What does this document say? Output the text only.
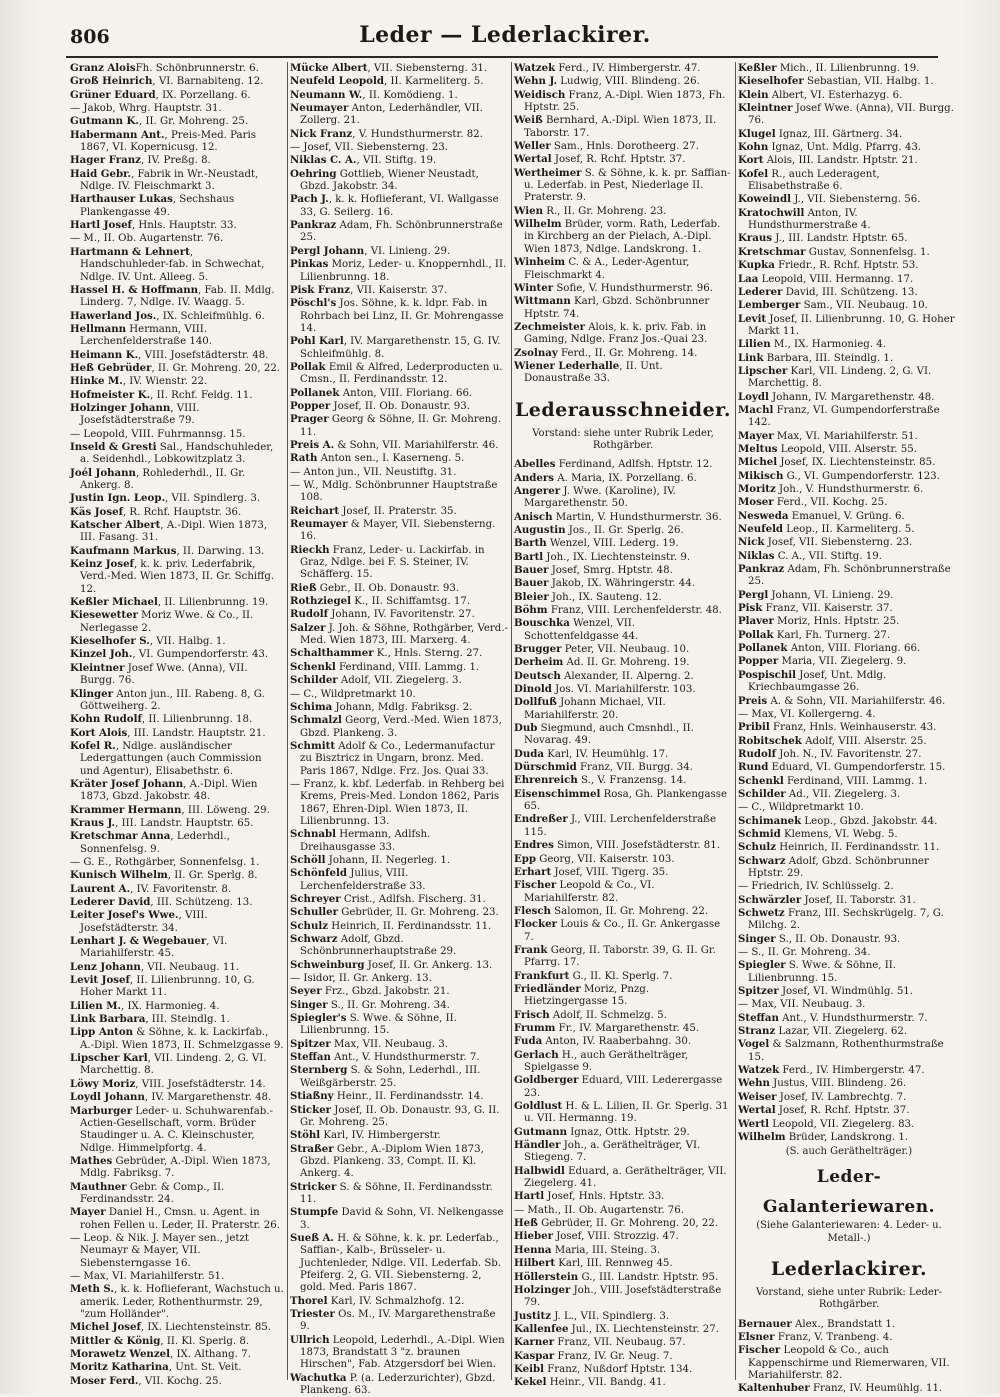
806	Leder — Lederlackirer.

Granz AloisFh. Schönbrunnerstr. 6.

Groß Heinrich, VI. Barnabiteng. 12.

Grüner Eduard, IX. Porzellang. 6.

— Jakob, Whrg. Hauptstr. 31.

Gutmann K., II. Gr. Mohreng. 25.

Habermann Ant., Preis-Med. Paris 1867, VI. Kopernicusg. 12.

Hager Franz, IV. Preßg. 8.

Haid Gebr., Fabrik in Wr.-Neustadt, Ndlge. IV. Fleischmarkt 3.

Harthauser Lukas, Sechshaus Plankengasse 49.

Hartl Josef, Hnls. Hauptstr. 33.

— M., II. Ob. Augartenstr. 76.

Hartmann & Lehnert, Handschuhleder-fab. in Schwechat, Ndlge. IV. Unt. Alleeg. 5.

Hassel H. & Hoffmann, Fab. II. Mdlg. Linderg. 7, Ndlge. IV. Waagg. 5.

Hawerland Jos., IX. Schleifmühlg. 6.

Hellmann Hermann, VIII. Lerchenfelderstraße 140.

Heimann K., VIII. Josefstädterstr. 48.

Heß Gebrüder, II. Gr. Mohreng. 20, 22.

Hinke M., IV. Wienstr. 22.

Hofmeister K., II. Rchf. Feldg. 11.

Holzinger Johann, VIII. Josefstädterstraße 79.

— Leopold, VIII. Fuhrmannsg. 15.

Inseld & Gresti Sal., Handschuhleder, a. Seidenhdl., Lobkowitzplatz 3.

Joél Johann, Rohlederhdl., II. Gr. Ankerg. 8.

Justin Ign. Leop., VII. Spindlerg. 3.

Käs Josef, R. Rchf. Hauptstr. 36.

Katscher Albert, A.-Dipl. Wien 1873, III. Fasang. 31.

Kaufmann Markus, II. Darwing. 13.

Keinz Josef, k. k. priv. Lederfabrik, Verd.-Med. Wien 1873, II. Gr. Schiffg. 12.

Keßler Michael, II. Lilienbrunng. 19.

Kiesewetter Moriz Wwe. & Co., II. Nerlegasse 2.

Kieselhofer S., VII. Halbg. 1.

Kinzel Joh., VI. Gumpendorferstr. 43.

Kleintner Josef Wwe. (Anna), VII. Burgg. 76.

Klinger Anton jun., III. Rabeng. 8, G. Göttweiherg. 2.

Kohn Rudolf, II. Lilienbrunng. 18.

Kort Alois, III. Landstr. Hauptstr. 21.

Kofel R., Ndlge. ausländischer Ledergattungen (auch Commission und Agentur), Elisabethstr. 6.

Kräter Josef Johann, A.-Dipl. Wien 1873, Gbzd. Jakobstr. 48.

Krammer Hermann, III. Löweng. 29.

Kraus J., III. Landstr. Hauptstr. 65.

Kretschmar Anna, Lederhdl., Sonnenfelsg. 9.

— G. E., Rothgärber, Sonnenfelsg. 1.

Kunisch Wilhelm, II. Gr. Sperlg. 8.

Laurent A., IV. Favoritenstr. 8.

Lederer David, III. Schützeng. 13.

Leiter Josef's Wwe., VIII. Josefstädterstr. 34.

Lenhart J. & Wegebauer, VI. Mariahilferstr. 45.

Lenz Johann, VII. Neubaug. 11.

Levit Josef, II. Lilienbrunng. 10, G. Hoher Markt 11.

Lilien M., IX. Harmonieg. 4.

Link Barbara, III. Steindlg. 1.

Lipp Anton & Söhne, k. k. Lackirfab., A.-Dipl. Wien 1873, II. Schmelzgasse 9.

Lipscher Karl, VII. Lindeng. 2, G. VI. Marchettig. 8.

Löwy Moriz, VIII. Josefstädterstr. 14.

Loydl Johann, IV. Margarethenstr. 48.

Marburger Leder- u. Schuhwarenfab.-Actien-Gesellschaft, vorm. Brüder Staudinger u. A. C. Kleinschuster, Ndlge. Himmelpfortg. 4.

Mathes Gebrüder, A.-Dipl. Wien 1873, Mdlg. Fabriksg. 7.

Mauthner Gebr. & Comp., II. Ferdinandsstr. 24.

Mayer Daniel H., Cmsn. u. Agent. in rohen Fellen u. Leder, II. Praterstr. 26.

— Leop. & Nik. J. Mayer sen., jetzt Neumayr & Mayer, VII. Siebensterngasse 16.

— Max, VI. Mariahilferstr. 51.

Meth S., k. k. Hoflieferant, Wachstuch u. amerik. Leder, Rothenthurmstr. 29, "zum Holländer".

Michel Josef, IX. Liechtensteinstr. 85.

Mittler & König, II. Kl. Sperlg. 8.

Morawetz Wenzel, IX. Althang. 7.

Moritz Katharina, Unt. St. Veit.

Moser Ferd., VII. Kochg. 25.

Mücke Albert, VII. Siebensterng. 31.

Neufeld Leopold, II. Karmeliterg. 5.

Neumann W., II. Komödieng. 1.

Neumayer Anton, Lederhändler, VII. Zollerg. 21.

Nick Franz, V. Hundsthurmerstr. 82.

— Josef, VII. Siebensterng. 23.

Niklas C. A., VII. Stiftg. 19.

Oehring Gottlieb, Wiener Neustadt, Gbzd. Jakobstr. 34.

Pach J., k. k. Hoflieferant, VI. Wallgasse 33, G. Seilerg. 16.

Pankraz Adam, Fh. Schönbrunnerstraße 25.

Pergl Johann, VI. Linieng. 29.

Pinkas Moriz, Leder- u. Knoppernhdl., II. Lilienbrunng. 18.

Pisk Franz, VII. Kaiserstr. 37.

Pöschl's Jos. Söhne, k. k. ldpr. Fab. in Rohrbach bei Linz, II. Gr. Mohrengasse 14.

Pohl Karl, IV. Margarethenstr. 15, G. IV. Schleifmühlg. 8.

Pollak Emil & Alfred, Lederproducten u. Cmsn., II. Ferdinandsstr. 12.

Pollanek Anton, VIII. Floriang. 66.

Popper Josef, II. Ob. Donaustr. 93.

Prager Georg & Söhne, II. Gr. Mohreng. 11.

Preis A. & Sohn, VII. Mariahilferstr. 46.

Rath Anton sen., I. Kaserneng. 5.

— Anton jun., VII. Neustiftg. 31.

— W., Mdlg. Schönbrunner Hauptstraße 108.

Reichart Josef, II. Praterstr. 35.

Reumayer & Mayer, VII. Siebensterng. 16.

Rieckh Franz, Leder- u. Lackirfab. in Graz, Ndlge. bei F. S. Steiner, IV. Schäfferg. 15.

Rieß Gebr., II. Ob. Donaustr. 93.

Rothziegel K., II. Schiffamtsg. 17.

Rudolf Johann, IV. Favoritenstr. 27.

Salzer J. Joh. & Söhne, Rothgärber, Verd.-Med. Wien 1873, III. Marxerg. 4.

Schalthammer K., Hnls. Sterng. 27.

Schenkl Ferdinand, VIII. Lammg. 1.

Schilder Adolf, VII. Ziegelerg. 3.

— C., Wildpretmarkt 10.

Schima Johann, Mdlg. Fabriksg. 2.

Schmalzl Georg, Verd.-Med. Wien 1873, Gbzd. Plankeng. 3.

Schmitt Adolf & Co., Ledermanufactur zu Bisztricz in Ungarn, bronz. Med. Paris 1867, Ndlge. Frz. Jos. Quai 33.

— Franz, k. kbf. Lederfab. in Rehberg bei Krems, Preis-Med. London 1862, Paris 1867, Ehren-Dipl. Wien 1873, II. Lilienbrunng. 13.

Schnabl Hermann, Adlfsh. Dreihausgasse 33.

Schöll Johann, II. Negerleg. 1.

Schönfeld Julius, VIII. Lerchenfelderstraße 33.

Schreyer Crist., Adlfsh. Fischerg. 31.

Schuller Gebrüder, II. Gr. Mohreng. 23.

Schulz Heinrich, II. Ferdinandsstr. 11.

Schwarz Adolf, Gbzd. Schönbrunnerhauptstraße 29.

Schweinburg Josef, II. Gr. Ankerg. 13.

— Isidor, II. Gr. Ankerg. 13.

Seyer Frz., Gbzd. Jakobstr. 21.

Singer S., II. Gr. Mohreng. 34.

Spiegler's S. Wwe. & Söhne, II. Lilienbrunng. 15.

Spitzer Max, VII. Neubaug. 3.

Steffan Ant., V. Hundsthurmerstr. 7.

Sternberg S. & Sohn, Lederhdl., III. Weißgärberstr. 25.

Stiaßny Heinr., II. Ferdinandsstr. 14.

Sticker Josef, II. Ob. Donaustr. 93, G. II. Gr. Mohreng. 25.

Stöhl Karl, IV. Himbergerstr.

Straßer Gebr., A.-Diplom Wien 1873, Gbzd. Plankeng. 33, Compt. II. Kl. Ankerg. 4.

Stricker S. & Söhne, II. Ferdinandsstr. 11.

Stumpfe David & Sohn, VI. Nelkengasse 3.

Sueß A. H. & Söhne, k. k. pr. Lederfab., Saffian-, Kalb-, Brüsseler- u. Juchtenleder, Ndlge. VII. Lederfab. Sb. Pfeiferg. 2, G. VII. Siebensterng. 2, gold. Med. Paris 1867.

Thorel Karl, IV. Schmalzhofg. 12.

Triester Os. M., IV. Margarethenstraße 9.

Ullrich Leopold, Lederhdl., A.-Dipl. Wien 1873, Brandstatt 3 "z. braunen Hirschen", Fab. Atzgersdorf bei Wien.

Wachutka P. (a. Lederzurichter), Gbzd. Plankeng. 63.

Watzek Ferd., IV. Himbergerstr. 47.

Wehn J. Ludwig, VIII. Blindeng. 26.

Weidisch Franz, A.-Dipl. Wien 1873, Fh. Hptstr. 25.

Weiß Bernhard, A.-Dipl. Wien 1873, II. Taborstr. 17.

Weller Sam., Hnls. Dorotheerg. 27.

Wertal Josef, R. Rchf. Hptstr. 37.

Wertheimer S. & Söhne, k. k. pr. Saffian- u. Lederfab. in Pest, Niederlage II. Praterstr. 9.

Wien R., II. Gr. Mohreng. 23.

Wilhelm Brüder, vorm. Rath, Lederfab. in Kirchberg an der Pielach, A.-Dipl. Wien 1873, Ndlge. Landskrong. 1.

Winheim C. & A., Leder-Agentur, Fleischmarkt 4.

Winter Sofie, V. Hundsthurmerstr. 96.

Wittmann Karl, Gbzd. Schönbrunner Hptstr. 74.

Zechmeister Alois, k. k. priv. Fab. in Gaming, Ndlge. Franz Jos.-Quai 23.

Zsolnay Ferd., II. Gr. Mohreng. 14.

Wiener Lederhalle, II. Unt. Donaustraße 33.

Lederausschneider.
Vorstand: siehe unter Rubrik Leder, Rothgärber.

Abelles Ferdinand, Adlfsh. Hptstr. 12.

Anders A. Maria, IX. Porzellang. 6.

Angerer J. Wwe. (Karoline), IV. Margarethenstr. 50.

Anisch Martin, V. Hundsthurmerstr. 36.

Augustin Jos., II. Gr. Sperlg. 26.

Barth Wenzel, VIII. Lederg. 19.

Bartl Joh., IX. Liechtensteinstr. 9.

Bauer Josef, Smrg. Hptstr. 48.

Bauer Jakob, IX. Währingerstr. 44.

Bleier Joh., IX. Sauteng. 12.

Böhm Franz, VIII. Lerchenfelderstr. 48.

Bouschka Wenzel, VII. Schottenfeldgasse 44.

Brugger Peter, VII. Neubaug. 10.

Derheim Ad. II. Gr. Mohreng. 19.

Deutsch Alexander, II. Alperng. 2.

Dinold Jos. VI. Mariahilferstr. 103.

Dollfuß Johann Michael, VII. Mariahilferstr. 20.

Dub Siegmund, auch Cmsnhdl., II. Novarag. 49.

Duda Karl, IV. Heumühlg. 17.

Dürschmid Franz, VII. Burgg. 34.

Ehrenreich S., V. Franzensg. 14.

Eisenschimmel Rosa, Gh. Plankengasse 65.

Endreßer J., VIII. Lerchenfelderstraße 115.

Endres Simon, VIII. Josefstädterstr. 81.

Epp Georg, VII. Kaiserstr. 103.

Erhart Josef, VIII. Tigerg. 35.

Fischer Leopold & Co., VI. Mariahilferstr. 82.

Flesch Salomon, II. Gr. Mohreng. 22.

Flocker Louis & Co., II. Gr. Ankergasse 7.

Frank Georg, II. Taborstr. 39, G. II. Gr. Pfarrg. 17.

Frankfurt G., II. Kl. Sperlg. 7.

Friedländer Moriz, Pnzg. Hietzingergasse 15.

Frisch Adolf, II. Schmelzg. 5.

Frumm Fr., IV. Margarethenstr. 45.

Fuda Anton, IV. Raaberbahng. 30.

Gerlach H., auch Geräthelträger, Spielgasse 9.

Goldberger Eduard, VIII. Lederergasse 23.

Goldlust H. & L. Lilien, II. Gr. Sperlg. 31 u. VII. Hermanng. 19.

Gutmann Ignaz, Ottk. Hptstr. 29.

Händler Joh., a. Geräthelträger, VI. Stiegeng. 7.

Halbwidl Eduard, a. Geräthelträger, VII. Ziegelerg. 41.

Hartl Josef, Hnls. Hptstr. 33.

— Math., II. Ob. Augartenstr. 76.

Heß Gebrüder, II. Gr. Mohreng. 20, 22.

Hieber Josef, VIII. Strozzig. 47.

Henna Maria, III. Steing. 3.

Hilbert Karl, III. Rennweg 45.

Höllerstein G., III. Landstr. Hptstr. 95.

Holzinger Joh., VIII. Josefstädterstraße 79.

Justitz J. L., VII. Spindlerg. 3.

Kallenfee Jul., IX. Liechtensteinstr. 27.

Karner Franz, VII. Neubaug. 57.

Kaspar Franz, IV. Gr. Neug. 7.

Keibl Franz, Nußdorf Hptstr. 134.

Kekel Heinr., VII. Bandg. 41.

Keßler Mich., II. Lilienbrunng. 19.

Kieselhofer Sebastian, VII. Halbg. 1.

Klein Albert, VI. Esterhazyg. 6.

Kleintner Josef Wwe. (Anna), VII. Burgg. 76.

Klugel Ignaz, III. Gärtnerg. 34.

Kohn Ignaz, Unt. Mdlg. Pfarrg. 43.

Kort Alois, III. Landstr. Hptstr. 21.

Kofel R., auch Lederagent, Elisabethstraße 6.

Koweindl J., VII. Siebensterng. 56.

Kratochwill Anton, IV. Hundsthurmerstraße 4.

Kraus J., III. Landstr. Hptstr. 65.

Kretschmar Gustav, Sonnenfelsg. 1.

Kupka Friedr., R. Rchf. Hptstr. 53.

Laa Leopold, VIII. Hermanng. 17.

Lederer David, III. Schützeng. 13.

Lemberger Sam., VII. Neubaug. 10.

Levit Josef, II. Lilienbrunng. 10, G. Hoher Markt 11.

Lilien M., IX. Harmonieg. 4.

Link Barbara, III. Steindlg. 1.

Lipscher Karl, VII. Lindeng. 2, G. VI. Marchettig. 8.

Loydl Johann, IV. Margarethenstr. 48.

Machl Franz, VI. Gumpendorferstraße 142.

Mayer Max, VI. Mariahilferstr. 51.

Meltus Leopold, VIII. Alserstr. 55.

Michel Josef, IX. Liechtensteinstr. 85.

Mikisch G., VI. Gumpendorferstr. 123.

Moritz Joh., V. Hundsthurmerstr. 6.

Moser Ferd., VII. Kochg. 25.

Nesweda Emanuel, V. Grüng. 6.

Neufeld Leop., II. Karmeliterg. 5.

Nick Josef, VII. Siebensterng. 23.

Niklas C. A., VII. Stiftg. 19.

Pankraz Adam, Fh. Schönbrunnerstraße 25.

Pergl Johann, VI. Linieng. 29.

Pisk Franz, VII. Kaiserstr. 37.

Plaver Moriz, Hnls. Hptstr. 25.

Pollak Karl, Fh. Turnerg. 27.

Pollanek Anton, VIII. Floriang. 66.

Popper Maria, VII. Ziegelerg. 9.

Pospischil Josef, Unt. Mdlg. Kriechbaumgasse 26.

Preis A. & Sohn, VII. Mariahilferstr. 46.

— Max, VI. Kollergerng. 4.

Pribil Franz, Hnls. Weinhauserstr. 43.

Robitschek Adolf, VIII. Alserstr. 25.

Rudolf Joh. N., IV. Favoritenstr. 27.

Rund Eduard, VI. Gumpendorferstr. 15.

Schenkl Ferdinand, VIII. Lammg. 1.

Schilder Ad., VII. Ziegelerg. 3.

— C., Wildpretmarkt 10.

Schimanek Leop., Gbzd. Jakobstr. 44.

Schmid Klemens, VI. Webg. 5.

Schulz Heinrich, II. Ferdinandsstr. 11.

Schwarz Adolf, Gbzd. Schönbrunner Hptstr. 29.

— Friedrich, IV. Schlüsselg. 2.

Schwärzler Josef, II. Taborstr. 31.

Schwetz Franz, III. Sechskrügelg. 7, G. Milchg. 2.

Singer S., II. Ob. Donaustr. 93.

— S., II. Gr. Mohreng. 34.

Spiegler S. Wwe. & Söhne, II. Lilienbrunng. 15.

Spitzer Josef, VI. Windmühlg. 51.

— Max, VII. Neubaug. 3.

Steffan Ant., V. Hundsthurmerstr. 7.

Stranz Lazar, VII. Ziegelerg. 62.

Vogel & Salzmann, Rothenthurmstraße 15.

Watzek Ferd., IV. Himbergerstr. 47.

Wehn Justus, VIII. Blindeng. 26.

Weiser Josef, IV. Lambrechtg. 7.

Wertal Josef, R. Rchf. Hptstr. 37.

Wertl Leopold, VII. Ziegelerg. 83.

Wilhelm Brüder, Landskrong. 1.

(S. auch Geräthelträger.)
Leder-
Galanteriewaren.
(Siehe Galanteriewaren: 4. Leder- u. Metall-.)
Lederlackirer.
Vorstand, siehe unter Rubrik: Leder-Rothgärber.

Bernauer Alex., Brandstatt 1.

Elsner Franz, V. Tranbeng. 4.

Fischer Leopold & Co., auch Kappenschirme und Riemerwaren, VII. Mariahilferstr. 82.

Kaltenhuber Franz, IV. Heumühlg. 11.
